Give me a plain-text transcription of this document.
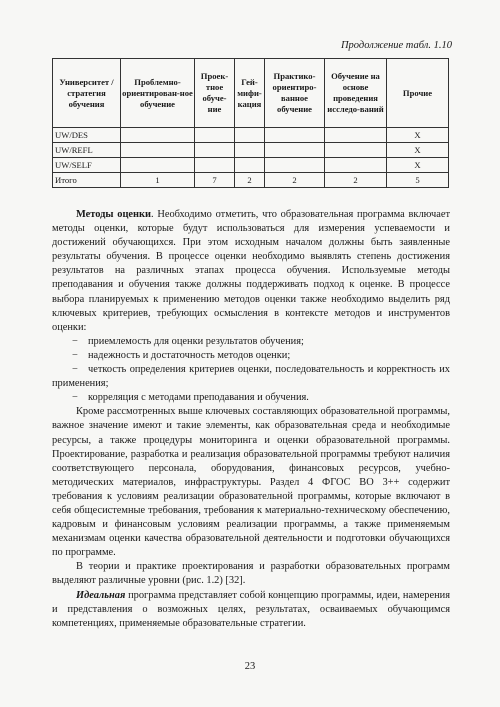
Продолжение табл. 1.10
Университет / стратегия обучения	Проблемно-ориентирован-ное обучение	Проек-тное обуче-ние	Гей-мифи-кация	Практико-ориентиро-ванное обучение	Обучение на основе проведения исследо-ваний	Прочие
UW/DES						X
UW/REFL						X
UW/SELF						X
Итого	1	7	2	2	2	5

Методы оценки. Необходимо отметить, что образовательная программа включает методы оценки, которые будут использоваться для измерения успеваемости и достижений обучающихся. При этом исходным началом должны быть заявленные результаты обучения. В процессе оценки необходимо выявлять степень достижения результатов на различных этапах процесса обучения. Используемые методы преподавания и обучения также должны поддерживать подход к оценке. В процессе выбора планируемых к применению методов оценки также необходимо выделить ряд ключевых критериев, требующих осмысления в контексте методов и инструментов оценки:

− приемлемость для оценки результатов обучения;
− надежность и достаточность методов оценки;
− четкость определения критериев оценки, последовательность и корректность их применения;
− корреляция с методами преподавания и обучения.

Кроме рассмотренных выше ключевых составляющих образовательной программы, важное значение имеют и такие элементы, как образовательная среда и необходимые ресурсы, а также процедуры мониторинга и оценки образовательной программы. Проектирование, разработка и реализация образовательной программы требуют наличия соответствующего персонала, оборудования, финансовых ресурсов, учебно-методических материалов, инфраструктуры. Раздел 4 ФГОС ВО 3++ содержит требования к условиям реализации образовательной программы, которые включают в себя общесистемные требования, требования к материально-техническому обеспечению, кадровым и финансовым условиям реализации программы, а также применяемым механизмам оценки качества образовательной деятельности и подготовки обучающихся по программе.

В теории и практике проектирования и разработки образовательных программ выделяют различные уровни (рис. 1.2) [32].

Идеальная программа представляет собой концепцию программы, идеи, намерения и представления о возможных целях, результатах, осваиваемых обучающимся компетенциях, применяемые образовательные стратегии.

23
